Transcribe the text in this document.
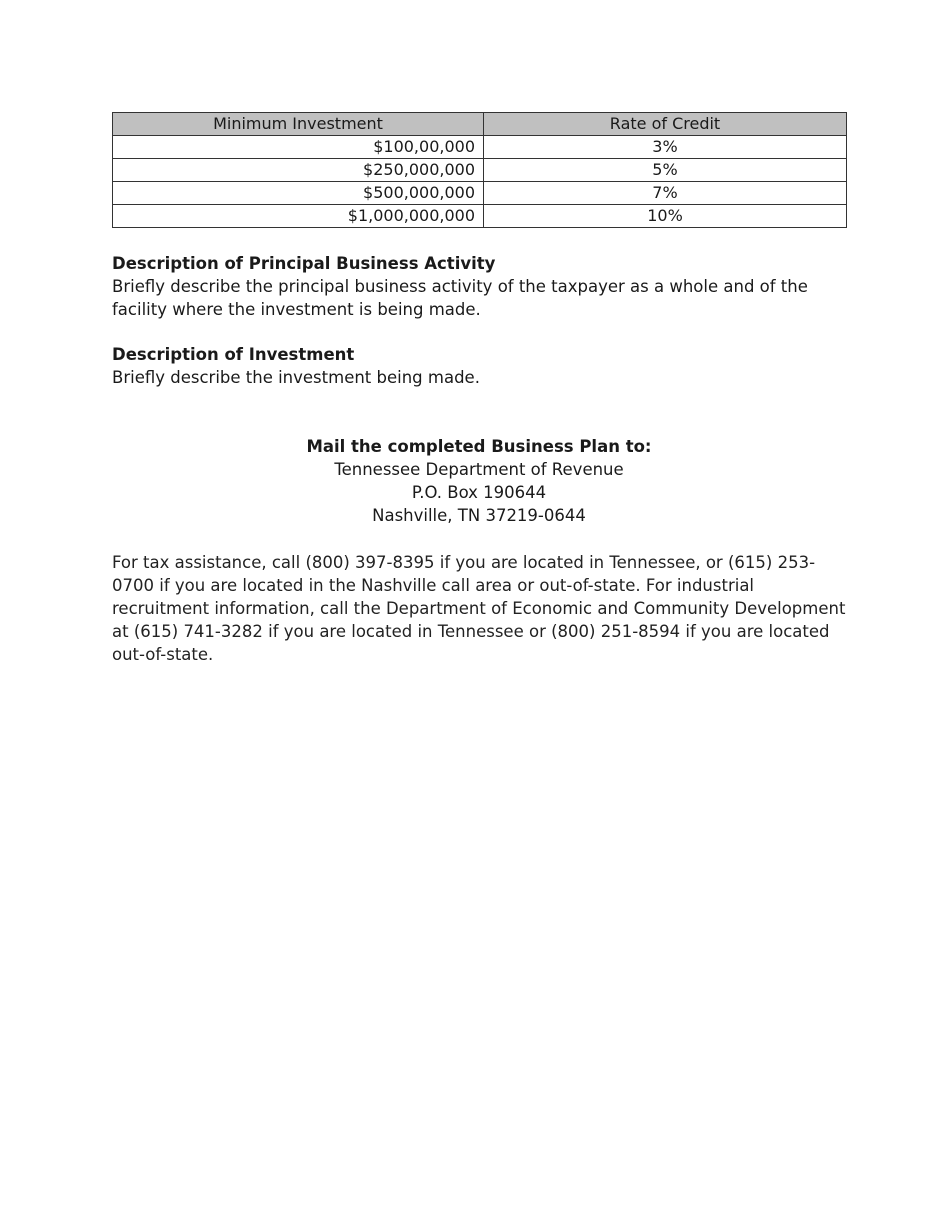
Minimum Investment	Rate of Credit
$100,00,000	3%
$250,000,000	5%
$500,000,000	7%
$1,000,000,000	10%
Description of Principal Business Activity

Briefly describe the principal business activity of the taxpayer as a whole and of the facility where the investment is being made.

Description of Investment

Briefly describe the investment being made.

Mail the completed Business Plan to:
Tennessee Department of Revenue
P.O. Box 190644
Nashville, TN 37219-0644

For tax assistance, call (800) 397-8395 if you are located in Tennessee, or (615) 253-0700 if you are located in the Nashville call area or out-of-state. For industrial recruitment information, call the Department of Economic and Community Development at (615) 741-3282 if you are located in Tennessee or (800) 251-8594 if you are located out-of-state.
